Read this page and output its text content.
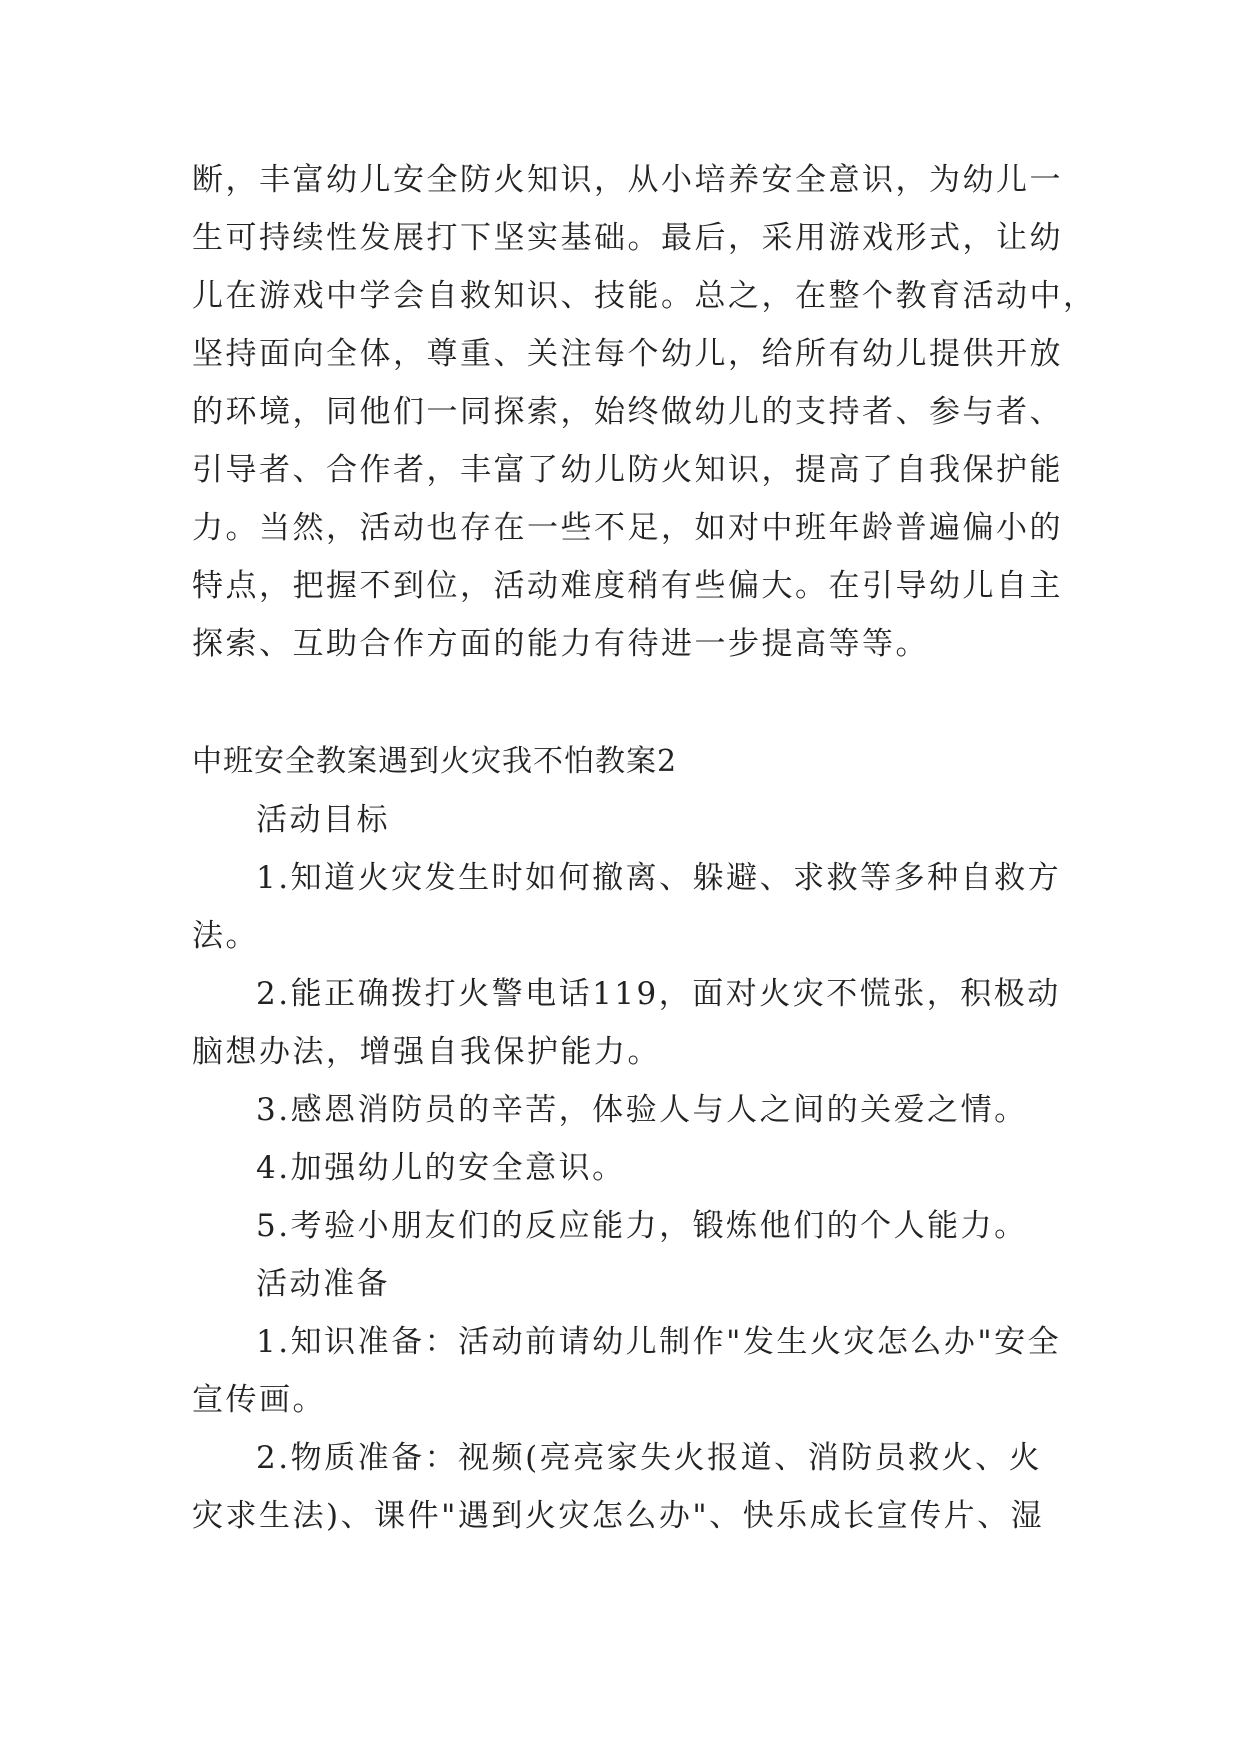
断，丰富幼儿安全防火知识，从小培养安全意识，为幼儿一
生可持续性发展打下坚实基础。最后，采用游戏形式，让幼
儿在游戏中学会自救知识、技能。总之，在整个教育活动中，
坚持面向全体，尊重、关注每个幼儿，给所有幼儿提供开放
的环境，同他们一同探索，始终做幼儿的支持者、参与者、
引导者、合作者，丰富了幼儿防火知识，提高了自我保护能
力。当然，活动也存在一些不足，如对中班年龄普遍偏小的
特点，把握不到位，活动难度稍有些偏大。在引导幼儿自主
探索、互助合作方面的能力有待进一步提高等等。
中班安全教案遇到火灾我不怕教案2
活动目标
1.知道火灾发生时如何撤离、躲避、求救等多种自救方
法。
2.能正确拨打火警电话119，面对火灾不慌张，积极动
脑想办法，增强自我保护能力。
3.感恩消防员的辛苦，体验人与人之间的关爱之情。
4.加强幼儿的安全意识。
5.考验小朋友们的反应能力，锻炼他们的个人能力。
活动准备
1.知识准备：活动前请幼儿制作"发生火灾怎么办"安全
宣传画。
2.物质准备：视频(亮亮家失火报道、消防员救火、火
灾求生法)、课件"遇到火灾怎么办"、快乐成长宣传片、湿
